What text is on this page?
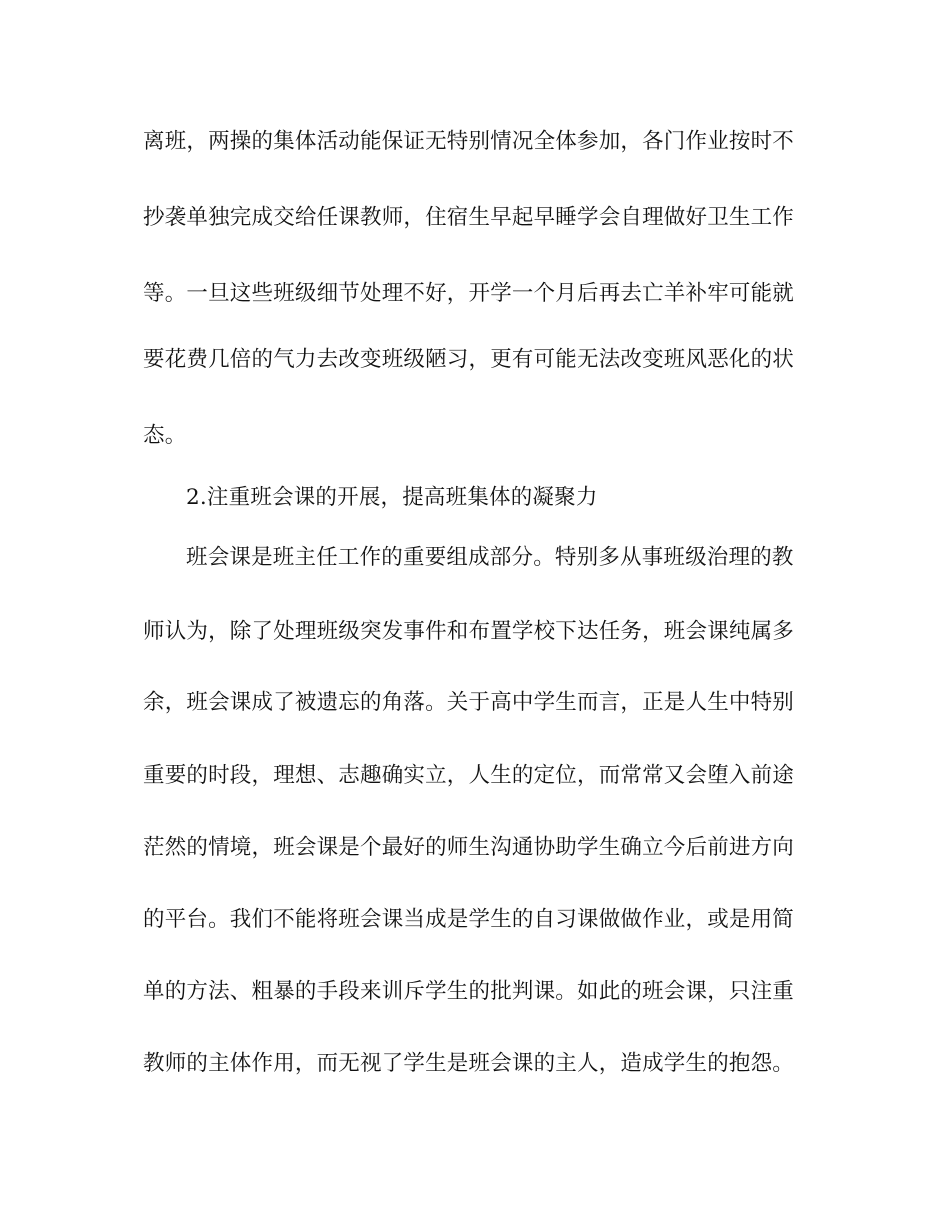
离班，两操的集体活动能保证无特别情况全体参加，各门作业按时不
抄袭单独完成交给任课教师，住宿生早起早睡学会自理做好卫生工作
等。一旦这些班级细节处理不好，开学一个月后再去亡羊补牢可能就
要花费几倍的气力去改变班级陋习，更有可能无法改变班风恶化的状
态。
2.注重班会课的开展，提高班集体的凝聚力
班会课是班主任工作的重要组成部分。特别多从事班级治理的教
师认为，除了处理班级突发事件和布置学校下达任务，班会课纯属多
余，班会课成了被遗忘的角落。关于高中学生而言，正是人生中特别
重要的时段，理想、志趣确实立，人生的定位，而常常又会堕入前途
茫然的情境，班会课是个最好的师生沟通协助学生确立今后前进方向
的平台。我们不能将班会课当成是学生的自习课做做作业，或是用简
单的方法、粗暴的手段来训斥学生的批判课。如此的班会课，只注重
教师的主体作用，而无视了学生是班会课的主人，造成学生的抱怨。
